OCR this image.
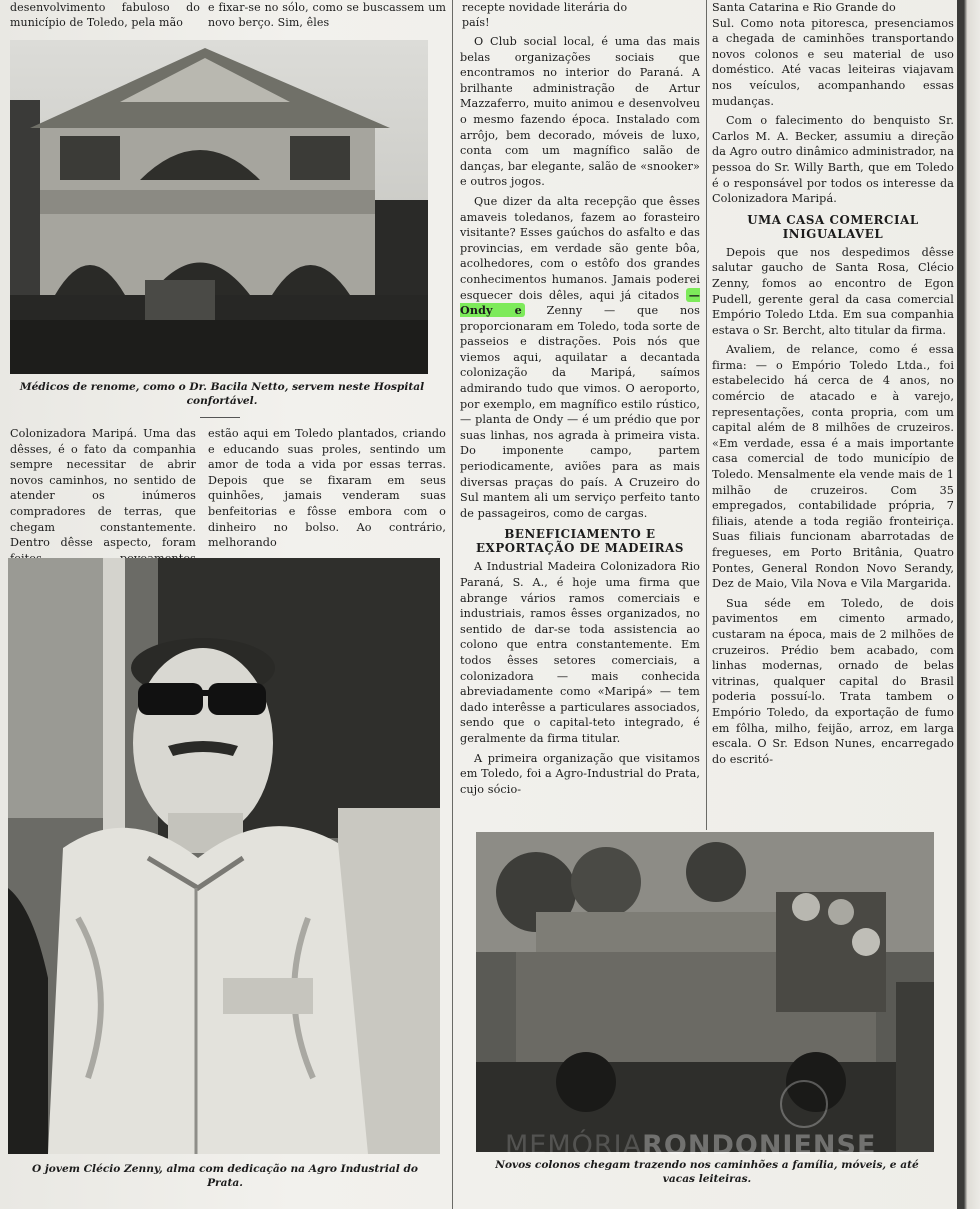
desenvolvimento fabuloso do município de Toledo, pela mão
e fixar-se no sólo, como se buscassem um novo berço. Sim, êles
recepte novidade literária do
país!
Médicos de renome, como o Dr. Bacila Netto, servem neste Hospital confortável.

Colonizadora Maripá. Uma das dêsses, é o fato da companhia sempre necessitar de abrir novos caminhos, no sentido de atender os inúmeros compradores de terras, que chegam constantemente. Dentro dêsse aspecto, foram

estão aqui em Toledo plantados, criando e educando suas proles, sentindo um amor de toda a vida por essas terras. Depois que se fixaram em seus quinhões, jamais venderam suas benfeitorias e fôsse embora com o dinheiro no bolso. Ao contrário, melhorando

O jovem Clécio Zenny, alma com dedicação na Agro Industrial do Prata.

O Club social local, é uma das mais belas organizações sociais que encontramos no interior do Paraná. A brilhante administração de Artur Mazzaferro, muito animou e desenvolveu o mesmo fazendo época. Instalado com arrôjo, bem decorado, móveis de luxo, conta com um magnífico salão de danças, bar elegante, salão de «snooker» e outros jogos.

Que dizer da alta recepção que êsses amaveis toledanos, fazem ao forasteiro visitante? Esses gaúchos do asfalto e das provincias, em verdade são gente bôa, acolhedores, com o estôfo dos grandes conhecimentos humanos. Jamais poderei esquecer dois dêles, aqui já citados — Ondy e Zenny — que nos proporcionaram em Toledo, toda sorte de passeios e distrações. Pois nós que viemos aqui, aquilatar a decantada colonização da Maripá, saímos admirando tudo que vimos. O aeroporto, por exemplo, em magnífico estilo rústico, — planta de Ondy — é um prédio que por suas linhas, nos agrada à primeira vista. Do imponente campo, partem periodicamente, aviões para as mais diversas praças do país. A Cruzeiro do Sul mantem ali um serviço perfeito tanto de passageiros, como de cargas.

BENEFICIAMENTO E EXPORTAÇÃO DE MADEIRAS

A Industrial Madeira Colonizadora Rio Paraná, S. A., é hoje uma firma que abrange vários ramos comerciais e industriais, ramos êsses organizados, no sentido de dar-se toda assistencia ao colono que entra constantemente. Em todos êsses setores comerciais, a colonizadora — mais conhecida abreviadamente como «Maripá» — tem dado interêsse a particulares associados, sendo que o capital-teto integrado, é geralmente da firma titular.

A primeira organização que visitamos em Toledo, foi a Agro-Industrial do Prata, cujo sócio-

Santa Catarina e Rio Grande do

Sul. Como nota pitoresca, presenciamos a chegada de caminhões transportando novos colonos e seu material de uso doméstico. Até vacas leiteiras viajavam nos veículos, acompanhando essas mudanças.

Com o falecimento do benquisto Sr. Carlos M. A. Becker, assumiu a direção da Agro outro dinâmico administrador, na pessoa do Sr. Willy Barth, que em Toledo é o responsável por todos os interesse da Colonizadora Maripá.

UMA CASA COMERCIAL INIGUALAVEL

Depois que nos despedimos dêsse salutar gaucho de Santa Rosa, Clécio Zenny, fomos ao encontro de Egon Pudell, gerente geral da casa comercial Empório Toledo Ltda. Em sua companhia estava o Sr. Bercht, alto titular da firma.

Avaliem, de relance, como é essa firma: — o Empório Toledo Ltda., foi estabelecido há cerca de 4 anos, no comércio de atacado e à varejo, representações, conta propria, com um capital além de 8 milhões de cruzeiros. «Em verdade, essa é a mais importante casa comercial de todo município de Toledo. Mensalmente ela vende mais de 1 milhão de cruzeiros. Com 35 empregados, contabilidade própria, 7 filiais, atende a toda região fronteiriça. Suas filiais funcionam abarrotadas de fregueses, em Porto Britânia, Quatro Pontes, General Rondon Novo Serandy, Dez de Maio, Vila Nova e Vila Margarida.

Sua séde em Toledo, de dois pavimentos em cimento armado, custaram na época, mais de 2 milhões de cruzeiros. Prédio bem acabado, com linhas modernas, ornado de belas vitrinas, qualquer capital do Brasil poderia possuí-lo. Trata tambem o Empório Toledo, da exportação de fumo em fôlha, milho, feijão, arroz, em larga escala. O Sr. Edson Nunes, encarregado do escritó-

MEMÓRIARONDONIENSE
Novos colonos chegam trazendo nos caminhões a família, móveis, e até vacas leiteiras.
